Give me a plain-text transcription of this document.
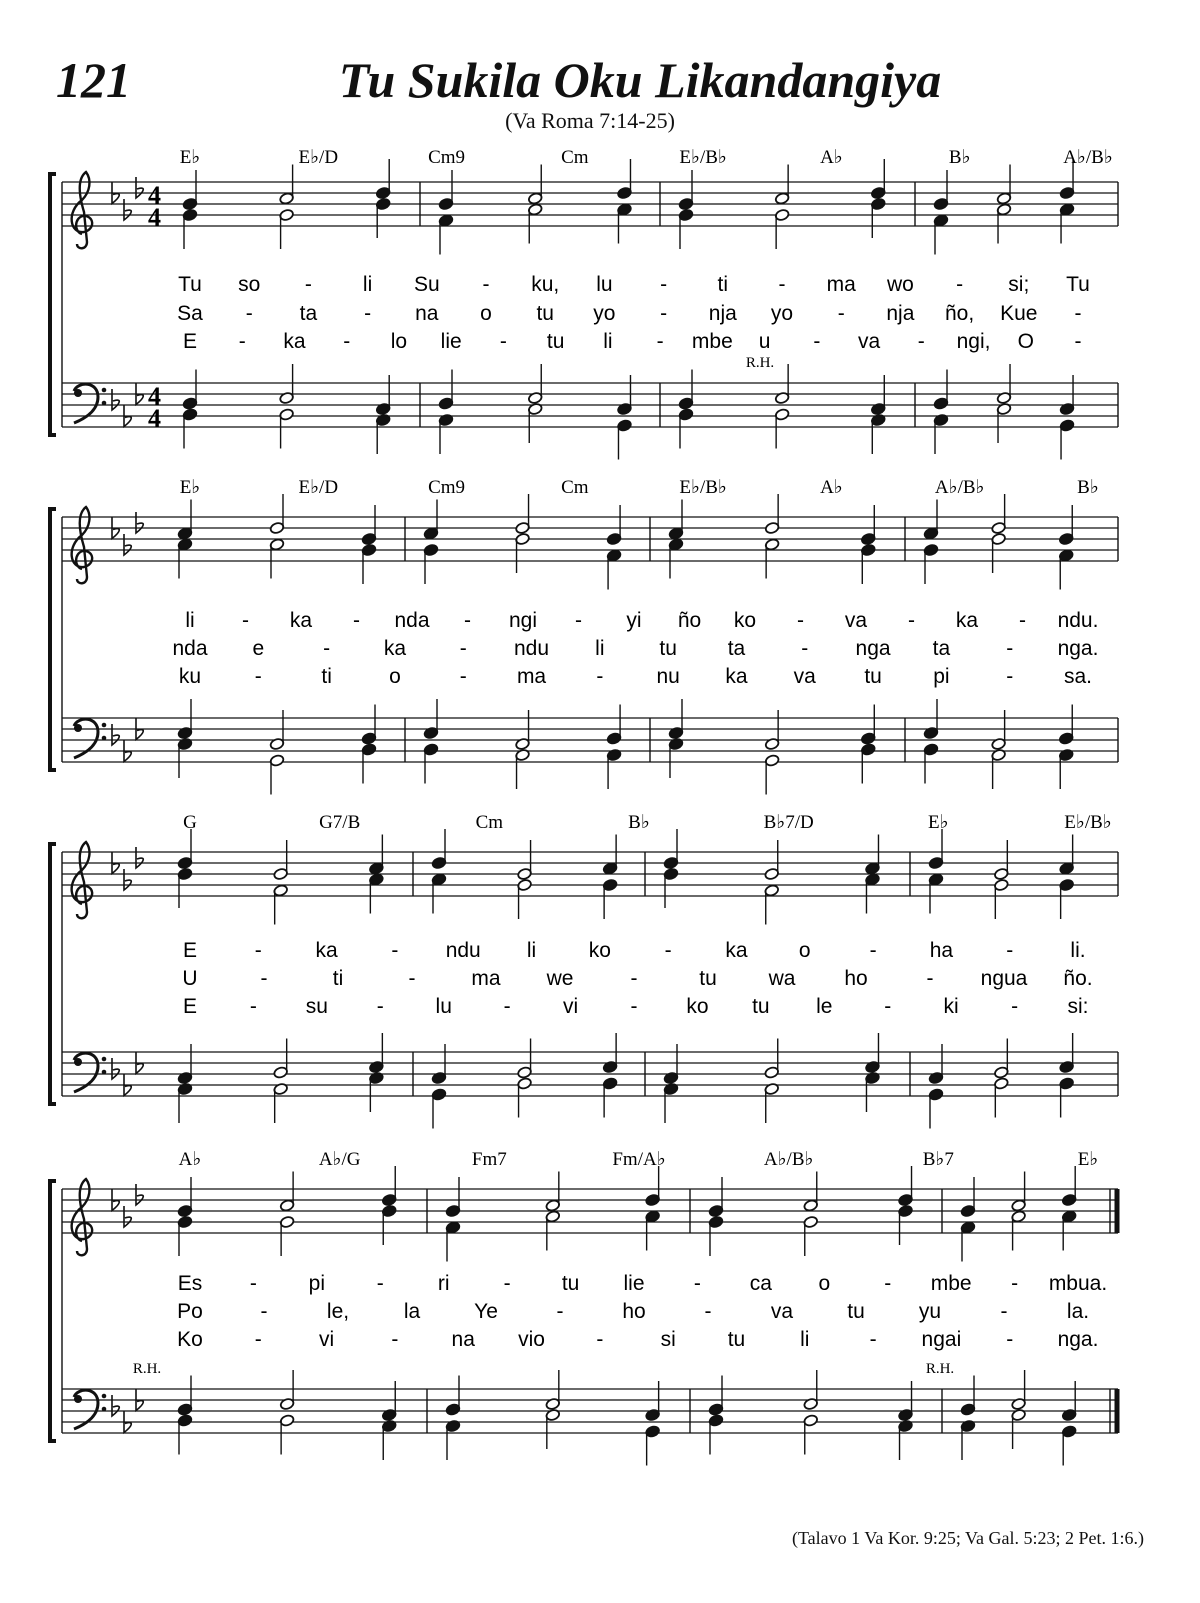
121	Tu Sukila Oku Likandangiya
(Va Roma 7:14-25)
4
4
4
4
E♭	E♭/D	Cm9	Cm	E♭/B♭	A♭	B♭	A♭/B♭
Tu so - li Su - ku, lu - ti - ma wo - si; Tu
Sa - ta - na o tu yo - nja yo - nja ño, Kue -
E - ka - lo lie - tu li - mbe u - va - ngi, O -
R.H.
E♭	E♭/D	Cm9	Cm	E♭/B♭	A♭	A♭/B♭	B♭
li - ka - nda - ngi - yi ño ko - va - ka - ndu.
nda e	-	ka	- ndu li	tu ta	- nga ta	- nga.
ku	-	ti	o	- ma -	nu ka va tu pi	- sa.
G	G7/B	Cm	B♭	B♭7/D	E♭	E♭/B♭
E	-	ka	- ndu li	ko	-	ka o	-	ha	-	li.
U	-	ti	-	ma we	-	tu wa ho	- ngua ño.
E	- su - lu - vi - ko tu le - ki - si:
A♭	A♭/G	Fm7	Fm/A♭	A♭/B♭	B♭7	E♭
Es - pi -	ri	- tu lie - ca o	- mbe - mbua.
Po	-	le,	la	Ye	-	ho	-	va	tu	yu	-	la.
Ko -	vi	-	na vio -	si tu	li	- ngai - nga.
R.H.	R.H.
(Talavo 1 Va Kor. 9:25; Va Gal. 5:23; 2 Pet. 1:6.)
